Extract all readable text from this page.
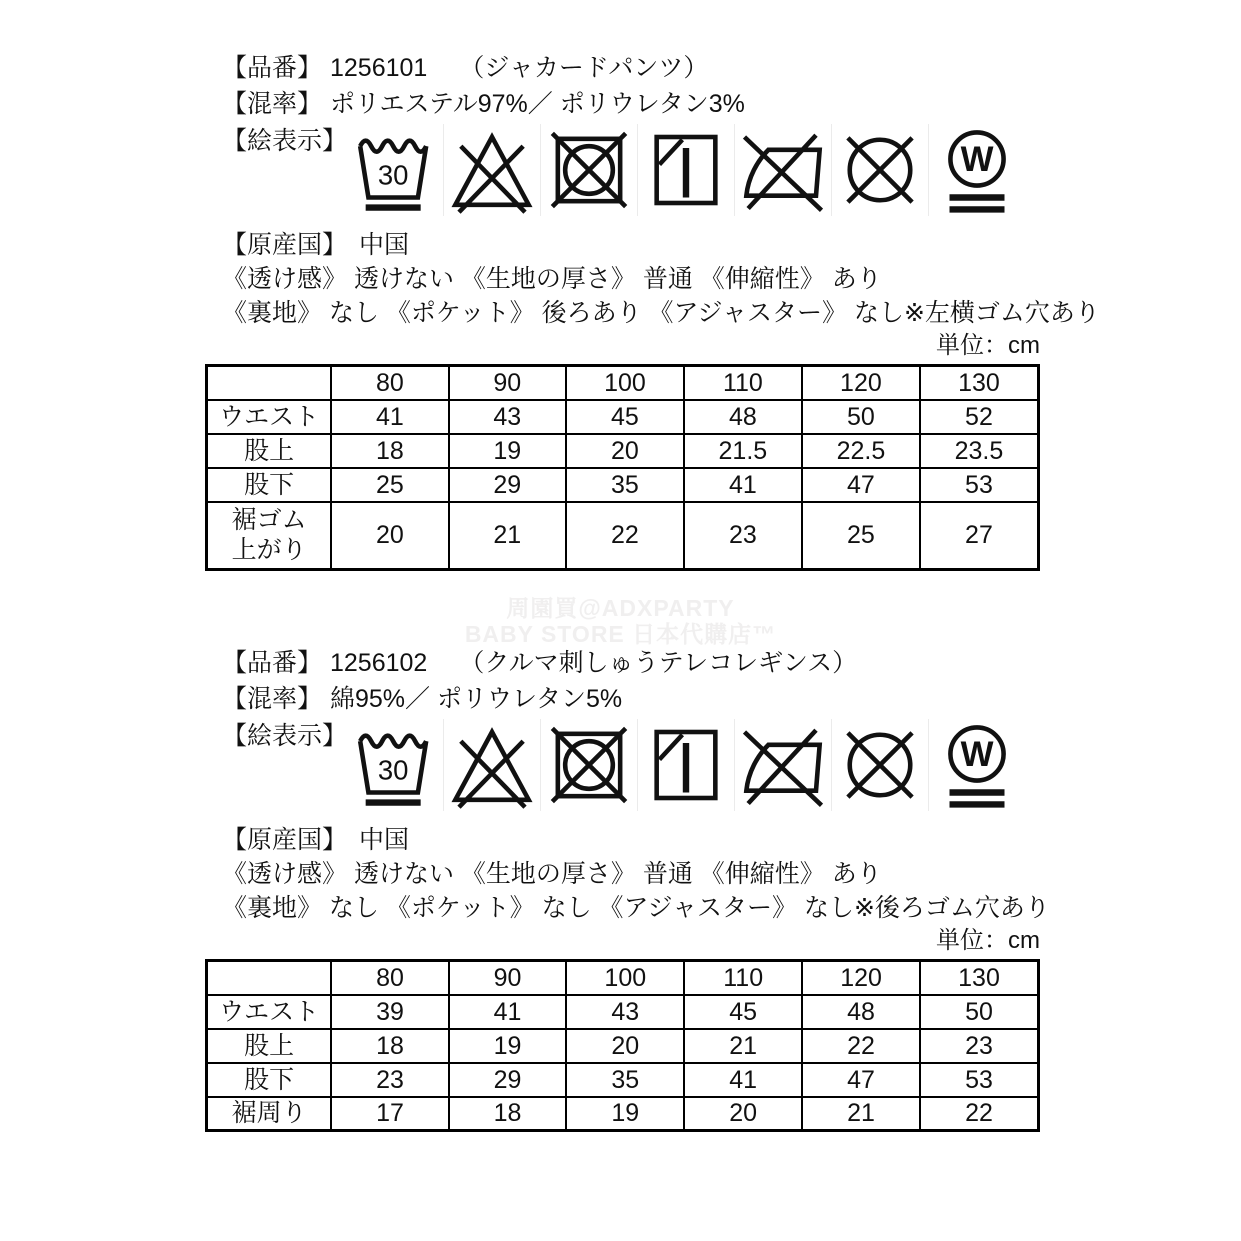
周園買@ADXPARTY
BABY STORE 日本代購店™
【品番】 1256101 （ジャカードパンツ）
【混率】 ポリエステル97%／ ポリウレタン3%
【絵表示】
30	W
【原産国】 中国
《透け感》 透けない 《生地の厚さ》 普通 《伸縮性》 あり
《裏地》 なし 《ポケット》 後ろあり 《アジャスター》 なし※左横ゴム穴あり
単位：cm
	80	90	100	110	120	130
ウエスト	41	43	45	48	50	52
股上	18	19	20	21.5	22.5	23.5
股下	25	29	35	41	47	53

裾ゴム
上がり	20	21	22	23	25	27
【品番】 1256102 （クルマ刺しゅうテレコレギンス）
【混率】 綿95%／ ポリウレタン5%
【絵表示】
30	W
【原産国】 中国
《透け感》 透けない 《生地の厚さ》 普通 《伸縮性》 あり
《裏地》 なし 《ポケット》 なし 《アジャスター》 なし※後ろゴム穴あり
単位：cm
	80	90	100	110	120	130
ウエスト	39	41	43	45	48	50
股上	18	19	20	21	22	23
股下	23	29	35	41	47	53
裾周り	17	18	19	20	21	22
